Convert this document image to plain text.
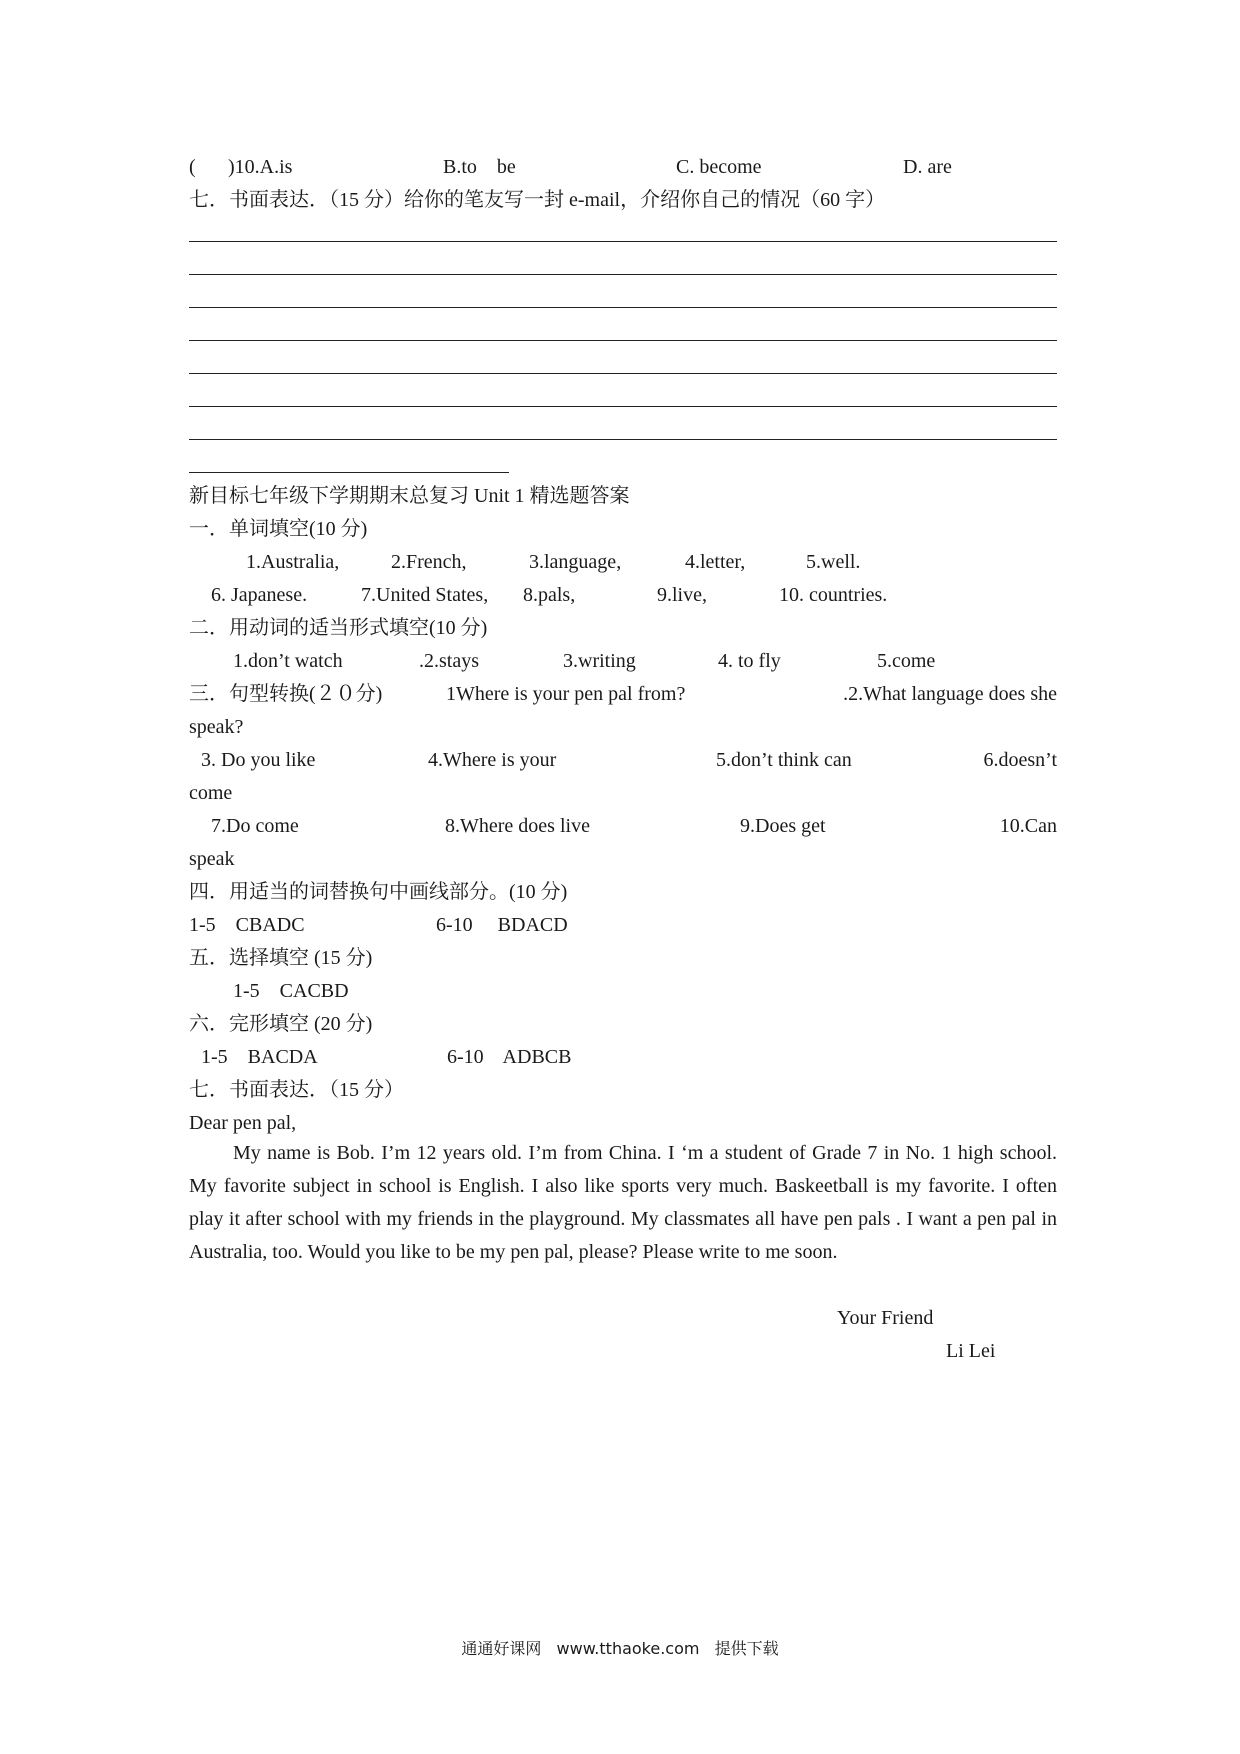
( )10.A.is	B.to    be	C. become	D. are
七．书面表达．（15 分）给你的笔友写一封 e-mail，介绍你自己的情况（60 字）
新目标七年级下学期期末总复习 Unit 1 精选题答案
一．单词填空(10 分)
1.Australia,	2.French,	3.language,	4.letter,	5.well.
6. Japanese.	7.United States, 8.pals,	9.live,	10. countries.
二．用动词的适当形式填空(10 分)
1.don’t watch	.2.stays	3.writing	4. to fly	5.come
三．句型转换(２０分)	1Where is your pen pal from?	.2.What language does she
speak?
3. Do you like	4.Where is your	5.don’t think can	6.doesn’t
come
7.Do come	8.Where does live	9.Does get	10.Can
speak
四．用适当的词替换句中画线部分。(10 分)
1-5    CBADC	6-10     BDACD
五．选择填空 (15 分)
1-5    CACBD
六．完形填空 (20 分)
1-5    BACDA	6-10    ADBCB
七．书面表达．（15 分）
Dear pen pal,
My name is Bob. I’m 12 years old. I’m from China. I ‘m a student of Grade 7 in No. 1 high school. My favorite subject in school is English. I also like sports very much. Baskeetball is my favorite. I often play it after school with my friends in the playground. My classmates all have pen pals . I want a pen pal in Australia, too. Would you like to be my pen pal, please? Please write to me soon.
Your Friend
Li Lei
通通好课网 www.tthaoke.com 提供下载
